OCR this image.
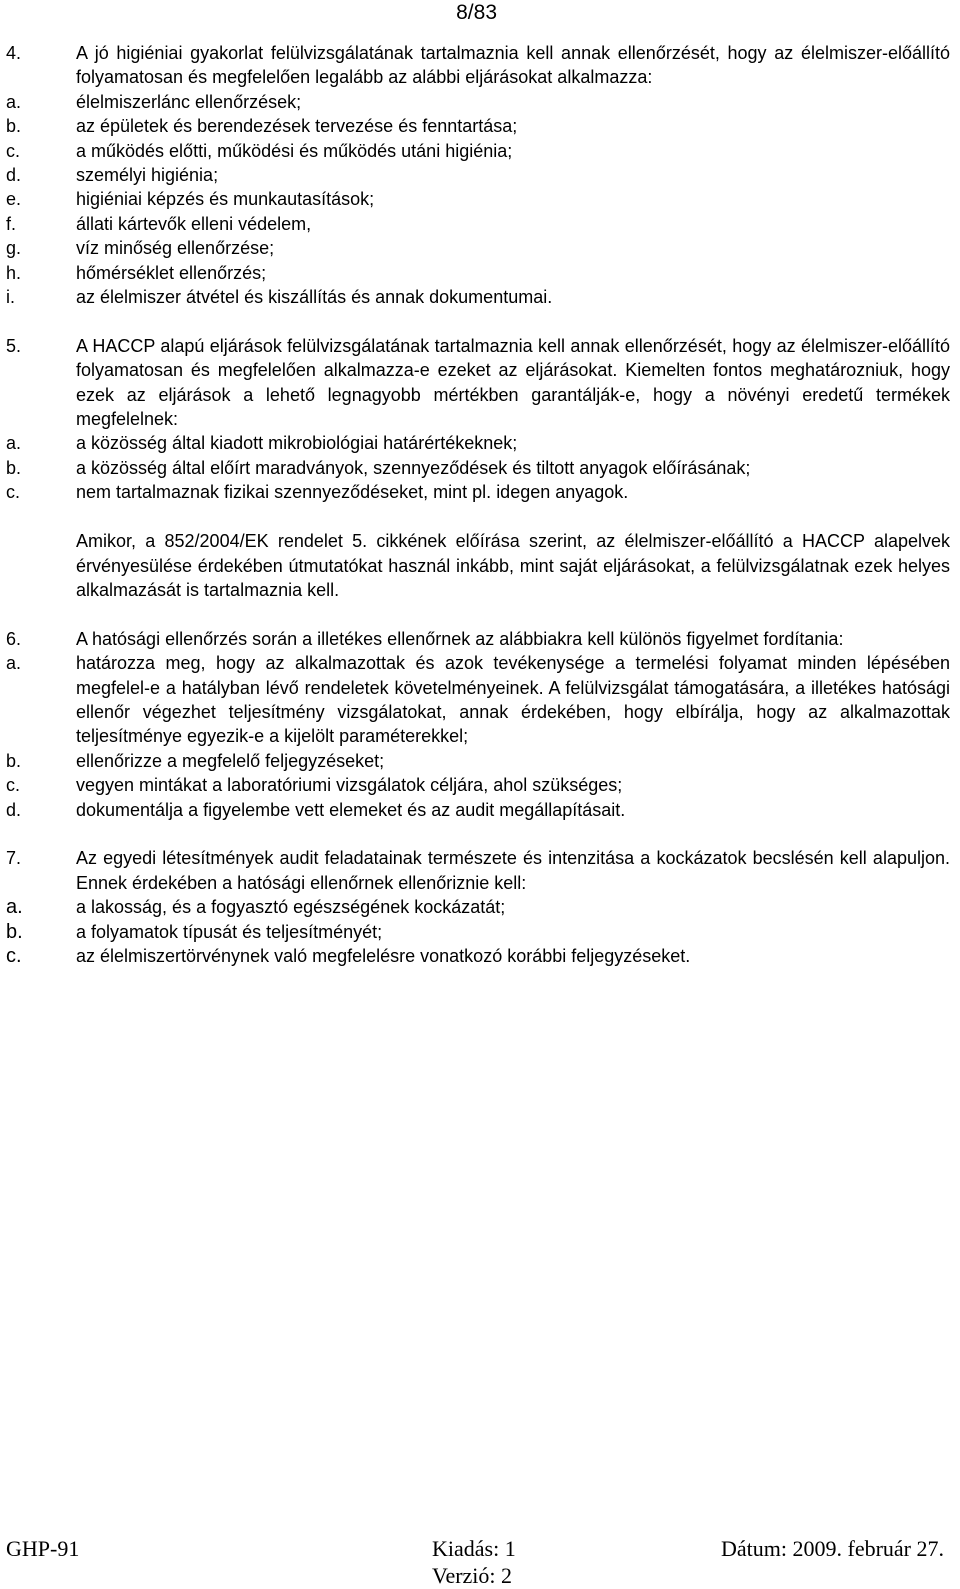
8/83
4.	A jó higiéniai gyakorlat felülvizsgálatának tartalmaznia kell annak ellenőrzését, hogy az élelmiszer-előállító folyamatosan és megfelelően legalább az alábbi eljárásokat alkalmazza:
a.	élelmiszerlánc ellenőrzések;
b.	az épületek és berendezések tervezése és fenntartása;
c.	a működés előtti, működési és működés utáni higiénia;
d.	személyi higiénia;
e.	higiéniai képzés és munkautasítások;
f.	állati kártevők elleni védelem,
g.	víz minőség ellenőrzése;
h.	hőmérséklet ellenőrzés;
i.	az élelmiszer átvétel és kiszállítás és annak dokumentumai.
5.	A HACCP alapú eljárások felülvizsgálatának tartalmaznia kell annak ellenőrzését, hogy az élelmiszer-előállító folyamatosan és megfelelően alkalmazza-e ezeket az eljárásokat. Kiemelten fontos meghatározniuk, hogy ezek az eljárások a lehető legnagyobb mértékben garantálják-e, hogy a növényi eredetű termékek megfelelnek:
a.	a közösség által kiadott mikrobiológiai határértékeknek;
b.	a közösség által előírt maradványok, szennyeződések és tiltott anyagok előírásának;
c.	nem tartalmaznak fizikai szennyeződéseket, mint pl. idegen anyagok.
Amikor, a 852/2004/EK rendelet 5. cikkének előírása szerint, az élelmiszer-előállító a HACCP alapelvek érvényesülése érdekében útmutatókat használ inkább, mint saját eljárásokat, a felülvizsgálatnak ezek helyes alkalmazását is tartalmaznia kell.
6.	A hatósági ellenőrzés során a illetékes ellenőrnek az alábbiakra kell különös figyelmet fordítania:
a.	határozza meg, hogy az alkalmazottak és azok tevékenysége a termelési folyamat minden lépésében megfelel-e a hatályban lévő rendeletek követelményeinek. A felülvizsgálat támogatására, a illetékes hatósági ellenőr végezhet teljesítmény vizsgálatokat, annak érdekében, hogy elbírálja, hogy az alkalmazottak teljesítménye egyezik-e a kijelölt paraméterekkel;
b.	ellenőrizze a megfelelő feljegyzéseket;
c.	vegyen mintákat a laboratóriumi vizsgálatok céljára, ahol szükséges;
d.	dokumentálja a figyelembe vett elemeket és az audit megállapításait.
7.	Az egyedi létesítmények audit feladatainak természete és intenzitása a kockázatok becslésén kell alapuljon. Ennek érdekében a hatósági ellenőrnek ellenőriznie kell:
a.	a lakosság, és a fogyasztó egészségének kockázatát;
b.	a folyamatok típusát és teljesítményét;
c.	az élelmiszertörvénynek való megfelelésre vonatkozó korábbi feljegyzéseket.
GHP-91	Kiadás: 1	Dátum: 2009. február 27.
Verzió: 2
